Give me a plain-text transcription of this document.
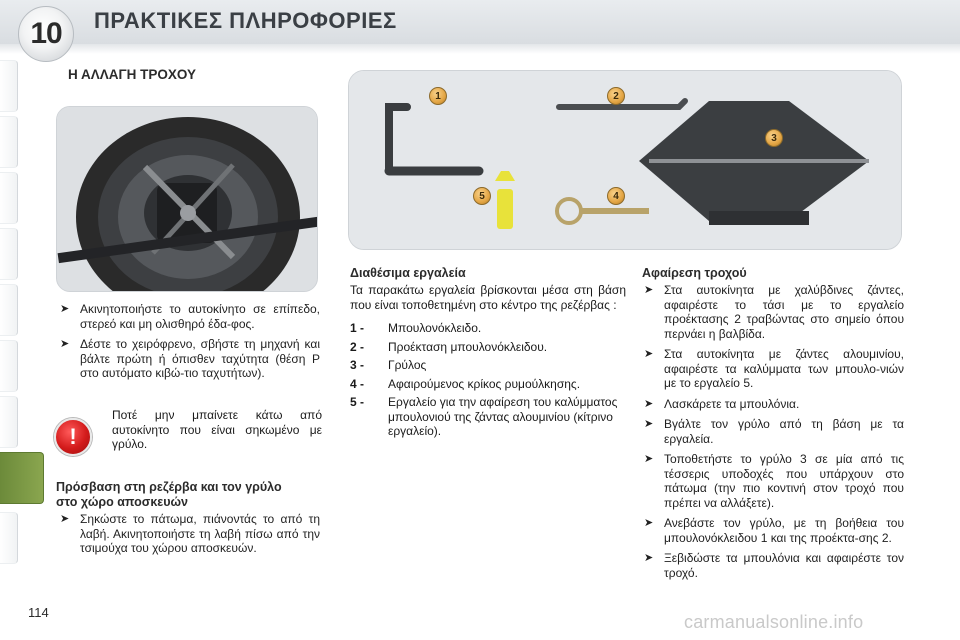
10 ΠΡΑΚΤΙΚΕΣ ΠΛΗΡΟΦΟΡΙΕΣ
Η ΑΛΛΑΓΗ ΤΡΟΧΟΥ
1	2
3
4
5
➤ Ακινητοποιήστε το αυτοκίνητο σε επίπεδο, στερεό και μη ολισθηρό έδα-φος.
➤ Δέστε το χειρόφρενο, σβήστε τη μηχανή και βάλτε πρώτη ή όπισθεν ταχύτητα (θέση P στο αυτόματο κιβώ-τιο ταχυτήτων).
!
Ποτέ μην μπαίνετε κάτω από αυτοκίνητο που είναι σηκωμένο με γρύλο.
Πρόσβαση στη ρεζέρβα και τον γρύλο
στο χώρο αποσκευών
➤ Σηκώστε το πάτωμα, πιάνοντάς το από τη λαβή. Ακινητοποιήστε τη λαβή πίσω από την τσιμούχα του χώρου αποσκευών.
Διαθέσιμα εργαλεία
Τα παρακάτω εργαλεία βρίσκονται μέσα στη βάση που είναι τοποθετημένη στο κέντρο της ρεζέρβας :
1 - Μπουλονόκλειδο.
2 - Προέκταση μπουλονόκλειδου.
3 - Γρύλος
4 - Αφαιρούμενος κρίκος ρυμούλκησης.
5 - Εργαλείο για την αφαίρεση του καλύμματος μπουλονιού της ζάντας αλουμινίου (κίτρινο εργαλείο).
Αφαίρεση τροχού
➤ Στα αυτοκίνητα με χαλύβδινες ζάντες, αφαιρέστε το τάσι με το εργαλείο προέκτασης 2 τραβώντας στο σημείο όπου περνάει η βαλβίδα.
➤ Στα αυτοκίνητα με ζάντες αλουμινίου, αφαιρέστε τα καλύμματα των μπουλο-νιών με το εργαλείο 5.
➤ Λασκάρετε τα μπουλόνια.
➤ Βγάλτε τον γρύλο από τη βάση με τα εργαλεία.
➤ Τοποθετήστε το γρύλο 3 σε μία από τις τέσσερις υποδοχές που υπάρχουν στο πάτωμα (την πιο κοντινή στον τροχό που πρέπει να αλλάξετε).
➤ Ανεβάστε τον γρύλο, με τη βοήθεια του μπουλονόκλειδου 1 και της προέκτα-σης 2.
➤ Ξεβιδώστε τα μπουλόνια και αφαιρέστε τον τροχό.
114	carmanualsonline.info
